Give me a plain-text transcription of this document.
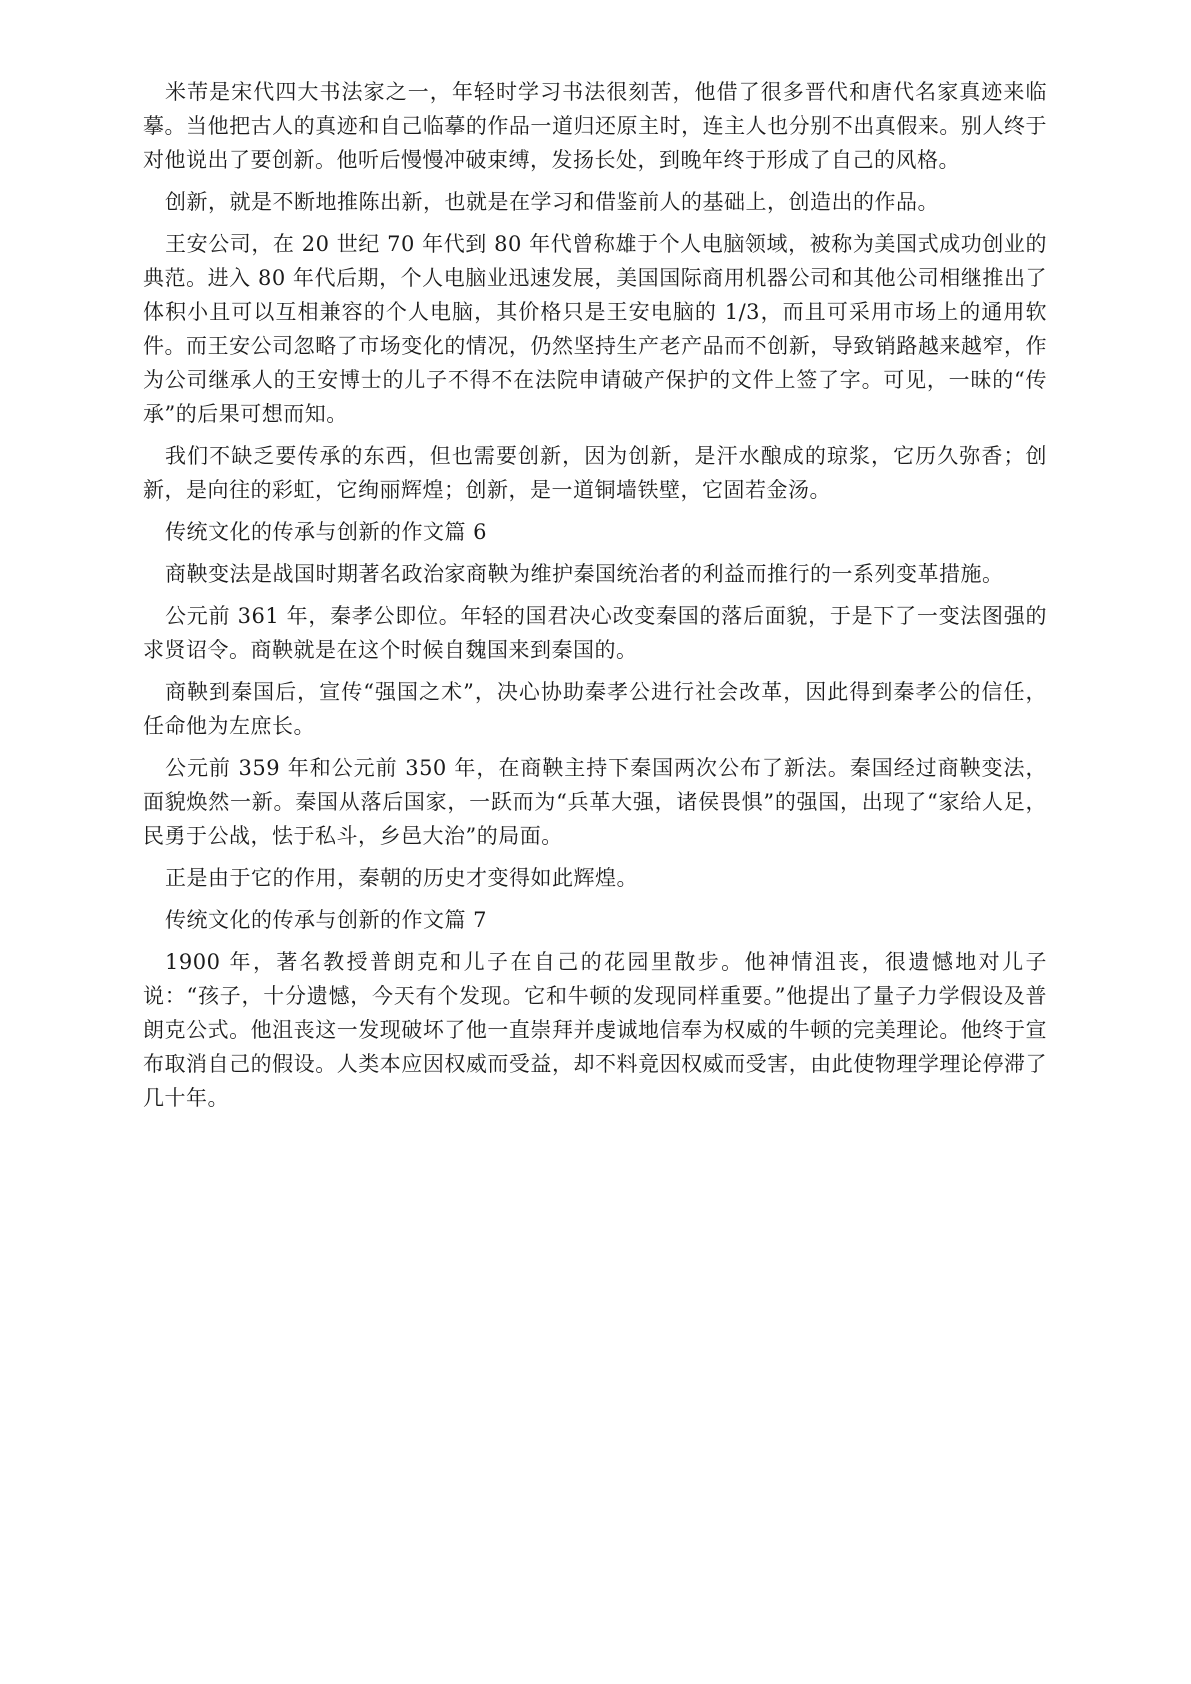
米芾是宋代四大书法家之一，年轻时学习书法很刻苦，他借了很多晋代和唐代名家真迹来临摹。当他把古人的真迹和自己临摹的作品一道归还原主时，连主人也分别不出真假来。别人终于对他说出了要创新。他听后慢慢冲破束缚，发扬长处，到晚年终于形成了自己的风格。

创新，就是不断地推陈出新，也就是在学习和借鉴前人的基础上，创造出的作品。

王安公司，在 20 世纪 70 年代到 80 年代曾称雄于个人电脑领域，被称为美国式成功创业的典范。进入 80 年代后期，个人电脑业迅速发展，美国国际商用机器公司和其他公司相继推出了体积小且可以互相兼容的个人电脑，其价格只是王安电脑的 1/3，而且可采用市场上的通用软件。而王安公司忽略了市场变化的情况，仍然坚持生产老产品而不创新，导致销路越来越窄，作为公司继承人的王安博士的儿子不得不在法院申请破产保护的文件上签了字。可见，一昧的“传承”的后果可想而知。

我们不缺乏要传承的东西，但也需要创新，因为创新，是汗水酿成的琼浆，它历久弥香；创新，是向往的彩虹，它绚丽辉煌；创新，是一道铜墙铁壁，它固若金汤。

传统文化的传承与创新的作文篇 6

商鞅变法是战国时期著名政治家商鞅为维护秦国统治者的利益而推行的一系列变革措施。

公元前 361 年，秦孝公即位。年轻的国君决心改变秦国的落后面貌，于是下了一变法图强的求贤诏令。商鞅就是在这个时候自魏国来到秦国的。

商鞅到秦国后，宣传“强国之术”，决心协助秦孝公进行社会改革，因此得到秦孝公的信任，任命他为左庶长。

公元前 359 年和公元前 350 年，在商鞅主持下秦国两次公布了新法。秦国经过商鞅变法，面貌焕然一新。秦国从落后国家，一跃而为“兵革大强，诸侯畏惧”的强国，出现了“家给人足，民勇于公战，怯于私斗，乡邑大治”的局面。

正是由于它的作用，秦朝的历史才变得如此辉煌。

传统文化的传承与创新的作文篇 7

1900 年，著名教授普朗克和儿子在自己的花园里散步。他神情沮丧，很遗憾地对儿子说：“孩子，十分遗憾，今天有个发现。它和牛顿的发现同样重要。”他提出了量子力学假设及普朗克公式。他沮丧这一发现破坏了他一直崇拜并虔诚地信奉为权威的牛顿的完美理论。他终于宣布取消自己的假设。人类本应因权威而受益，却不料竟因权威而受害，由此使物理学理论停滞了几十年。
